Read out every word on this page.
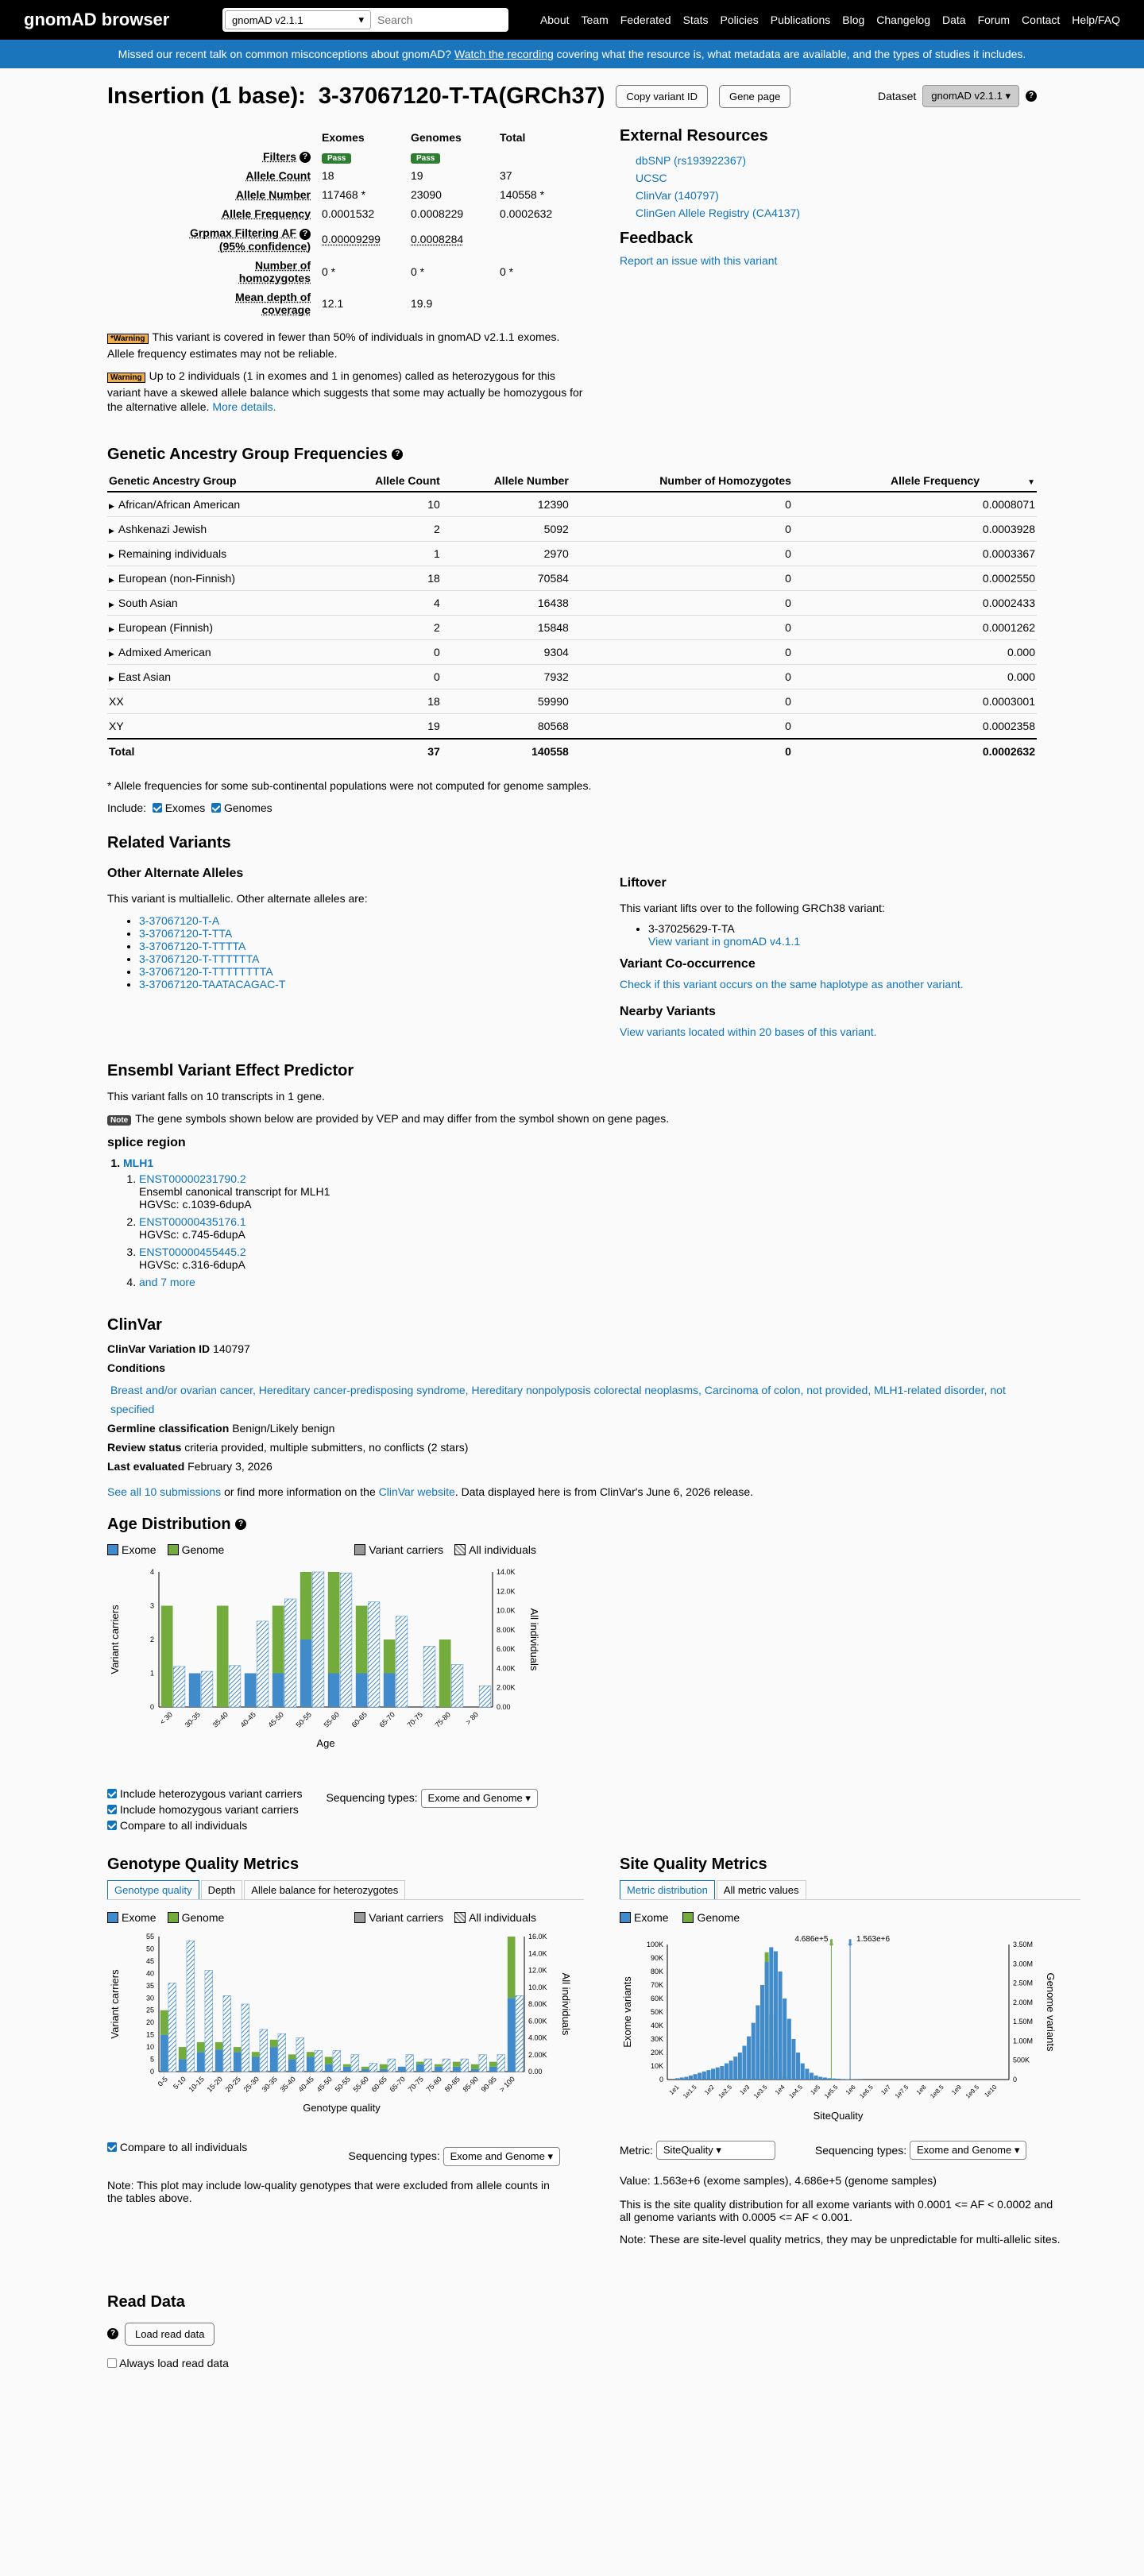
gnomAD browser	gnomAD v2.1.1	▾
Search	About Team Federated Stats Policies Publications Blog Changelog Data Forum Contact Help/FAQ
Missed our recent talk on common misconceptions about gnomAD? Watch the recording covering what the resource is, what metadata are available, and the types of studies it includes.
Insertion (1 base): 3-37067120-T-TA(GRCh37)	Copy variant ID	Gene page	Dataset	gnomAD v2.1.1 ▾	?
	Exomes	Genomes	Total
Filters ?	Pass	Pass	
Allele Count	18	19	37
Allele Number	117468 *	23090	140558 *
Allele Frequency	0.0001532	0.0008229	0.0002632
Grpmax Filtering AF ?
(95% confidence)	0.00009299	0.0008284	
Number of homozygotes	0 *	0 *	0 *
Mean depth of coverage	12.1	19.9	
*Warning This variant is covered in fewer than 50% of individuals in gnomAD v2.1.1 exomes. Allele frequency estimates may not be reliable.
Warning Up to 2 individuals (1 in exomes and 1 in genomes) called as heterozygous for this variant have a skewed allele balance which suggests that some may actually be homozygous for the alternative allele. More details.
External Resources
dbSNP (rs193922367)
UCSC
ClinVar (140797)
ClinGen Allele Registry (CA4137)
Feedback
Report an issue with this variant
Genetic Ancestry Group Frequencies ?
Genetic Ancestry Group	Allele Count	Allele Number	Number of Homozygotes	Allele Frequency ▼
▶ African/African American	10	12390	0	0.0008071
▶ Ashkenazi Jewish	2	5092	0	0.0003928
▶ Remaining individuals	1	2970	0	0.0003367
▶ European (non-Finnish)	18	70584	0	0.0002550
▶ South Asian	4	16438	0	0.0002433
▶ European (Finnish)	2	15848	0	0.0001262
▶ Admixed American	0	9304	0	0.000
▶ East Asian	0	7932	0	0.000
XX	18	59990	0	0.0003001
XY	19	80568	0	0.0002358
Total	37	140558	0	0.0002632

* Allele frequencies for some sub-continental populations were not computed for genome samples.

Include: Exomes Genomes

Related Variants
Other Alternate Alleles

This variant is multiallelic. Other alternate alleles are:

• 3-37067120-T-A
• 3-37067120-T-TTA
• 3-37067120-T-TTTTA
• 3-37067120-T-TTTTTTA
• 3-37067120-T-TTTTTTTTA
• 3-37067120-TAATACAGAC-T
Liftover

This variant lifts over to the following GRCh38 variant:

• 3-37025629-T-TA
View variant in gnomAD v4.1.1
Variant Co-occurrence
Check if this variant occurs on the same haplotype as another variant.
Nearby Variants
View variants located within 20 bases of this variant.
Ensembl Variant Effect Predictor

This variant falls on 10 transcripts in 1 gene.

Note The gene symbols shown below are provided by VEP and may differ from the symbol shown on gene pages.

splice region
1. MLH1
1. ENST00000231790.2
Ensembl canonical transcript for MLH1
HGVSc: c.1039-6dupA
2. ENST00000435176.1
HGVSc: c.745-6dupA
3. ENST00000455445.2
HGVSc: c.316-6dupA
4. and 7 more
ClinVar

ClinVar Variation ID 140797

Conditions

Breast and/or ovarian cancer, Hereditary cancer-predisposing syndrome, Hereditary nonpolyposis colorectal neoplasms, Carcinoma of colon, not provided, MLH1-related disorder, not specified

Germline classification Benign/Likely benign

Review status criteria provided, multiple submitters, no conflicts (2 stars)

Last evaluated February 3, 2026

See all 10 submissions or find more information on the ClinVar website. Data displayed here is from ClinVar's June 6, 2026 release.

Age Distribution ?
Exome	Genome	Variant carriers	All individuals
0
1
2
3
4
0.00
2.00K
4.00K
6.00K
8.00K
10.0K
12.0K
14.0K
< 30 30-35 35-40 40-45 45-50 50-55 55-60 60-65 65-70 70-75 75-80 > 80
Age
Variant carriers	All individuals
Include heterozygous variant carriers
Include homozygous variant carriers
Compare to all individuals
Sequencing types: Exome and Genome ▾
Genotype Quality Metrics
Genotype quality	Depth	Allele balance for heterozygotes
Exome	Genome	Variant carriers	All individuals
0
5
10
15
20
25
30
35
40
45
50
55
0.00
2.00K
4.00K
6.00K
8.00K
10.0K
12.0K
14.0K
16.0K
0-5 5-10 10-15 15-20 20-25 25-30 30-35 35-40 40-45 45-50 50-55 55-60 60-65 65-70 70-75 75-80 80-85 85-90 90-95 > 100
Genotype quality
Variant carriers	All individuals
Compare to all individuals
Sequencing types: Exome and Genome ▾

Note: This plot may include low-quality genotypes that were excluded from allele counts in the tables above.

Site Quality Metrics
Metric distribution	All metric values
Exome	Genome
0
10K
20K
30K
40K
50K
60K
70K
80K
90K
100K
0
500K
1.00M
1.50M
2.00M
2.50M
3.00M
3.50M
1e1 1e1.5 1e2 1e2.5 1e3 1e3.5 1e4 1e4.5 1e5 1e5.5 1e6 1e6.5 1e7 1e7.5 1e8 1e8.5 1e9 1e9.5 1e10
4.686e+5
⬇ ⬇ 1.563e+6
SiteQuality
Exome variants	Genome variants
Metric:
SiteQuality ▾	Sequencing types:
Exome and Genome ▾

Value: 1.563e+6 (exome samples), 4.686e+5 (genome samples)

This is the site quality distribution for all exome variants with 0.0001 <= AF < 0.0002 and all genome variants with 0.0005 <= AF < 0.001.

Note: These are site-level quality metrics, they may be unpredictable for multi-allelic sites.

Read Data
?	Load read data
Always load read data
